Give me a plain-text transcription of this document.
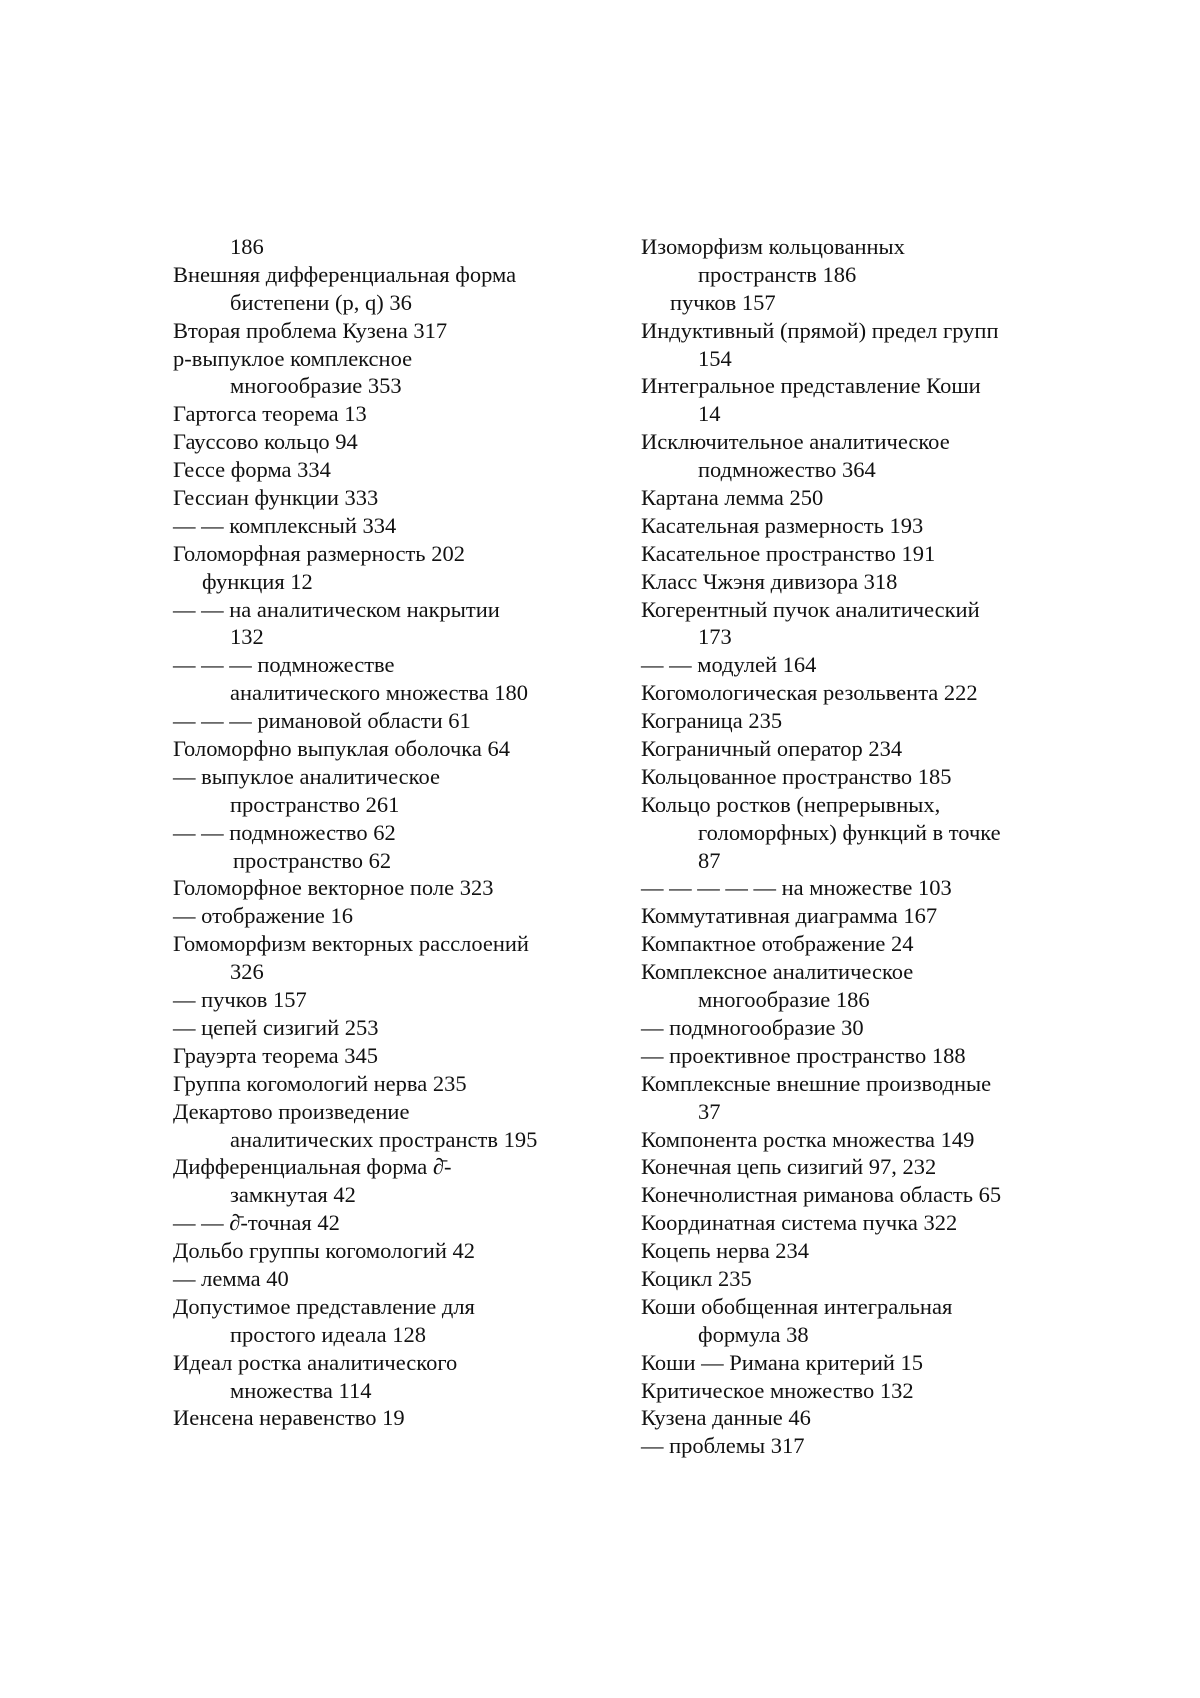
186
Внешняя дифференциальная форма
бистепени (p, q) 36
Вторая проблема Кузена 317
p-выпуклое комплексное
многообразие 353
Гартогса теорема 13
Гауссово кольцо 94
Гессе форма 334
Гессиан функции 333
— — комплексный 334
Голоморфная размерность 202
функция 12
— — на аналитическом накрытии
132
— — — подмножестве
аналитического множества 180
— — — римановой области 61
Голоморфно выпуклая оболочка 64
— выпуклое аналитическое
пространство 261
— — подмножество 62
пространство 62
Голоморфное векторное поле 323
— отображение 16
Гомоморфизм векторных расслоений
326
— пучков 157
— цепей сизигий 253
Грауэрта теорема 345
Группа когомологий нерва 235
Декартово произведение
аналитических пространств 195
Дифференциальная форма ∂̄-
замкнутая 42
— — ∂̄-точная 42
Дольбо группы когомологий 42
— лемма 40
Допустимое представление для
простого идеала 128
Идеал ростка аналитического
множества 114
Иенсена неравенство 19
Изоморфизм кольцованных
пространств 186
пучков 157
Индуктивный (прямой) предел групп
154
Интегральное представление Коши
14
Исключительное аналитическое
подмножество 364
Картана лемма 250
Касательная размерность 193
Касательное пространство 191
Класс Чжэня дивизора 318
Когерентный пучок аналитический
173
— — модулей 164
Когомологическая резольвента 222
Кограница 235
Кограничный оператор 234
Кольцованное пространство 185
Кольцо ростков (непрерывных,
голоморфных) функций в точке
87
— — — — — на множестве 103
Коммутативная диаграмма 167
Компактное отображение 24
Комплексное аналитическое
многообразие 186
— подмногообразие 30
— проективное пространство 188
Комплексные внешние производные
37
Компонента ростка множества 149
Конечная цепь сизигий 97, 232
Конечнолистная риманова область 65
Координатная система пучка 322
Коцепь нерва 234
Коцикл 235
Коши обобщенная интегральная
формула 38
Коши — Римана критерий 15
Критическое множество 132
Кузена данные 46
— проблемы 317
